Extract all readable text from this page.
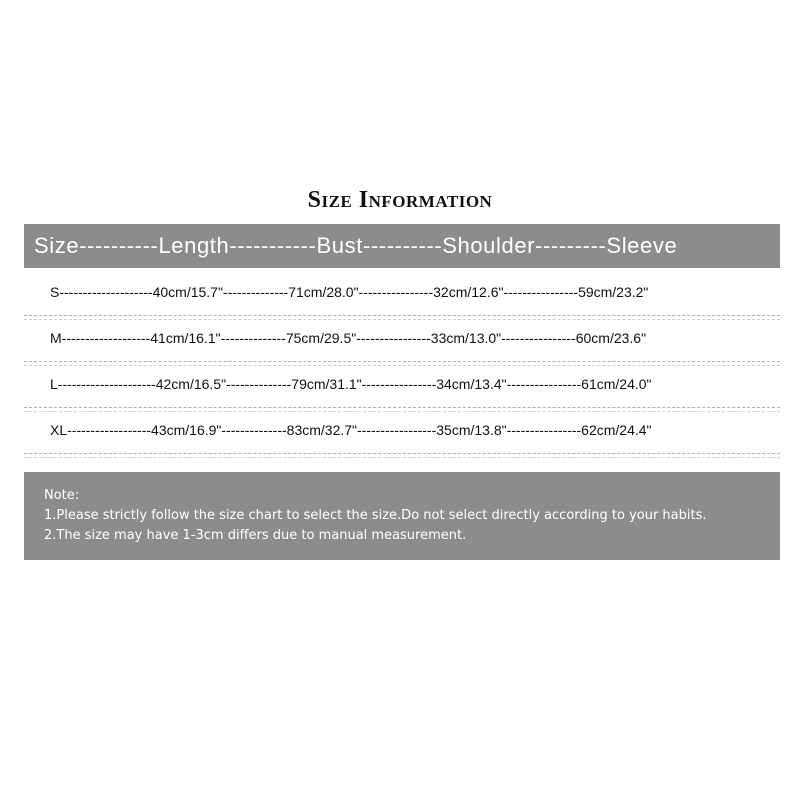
Size Information
Size----------Length-----------Bust----------Shoulder---------Sleeve
S--------------------40cm/15.7"--------------71cm/28.0"----------------32cm/12.6"----------------59cm/23.2"
M-------------------41cm/16.1"--------------75cm/29.5"----------------33cm/13.0"----------------60cm/23.6"
L---------------------42cm/16.5"--------------79cm/31.1"----------------34cm/13.4"----------------61cm/24.0"
XL------------------43cm/16.9"--------------83cm/32.7"-----------------35cm/13.8"----------------62cm/24.4"
Note:
1.Please strictly follow the size chart to select the size.Do not select directly according to your habits.
2.The size may have 1-3cm differs due to manual measurement.
